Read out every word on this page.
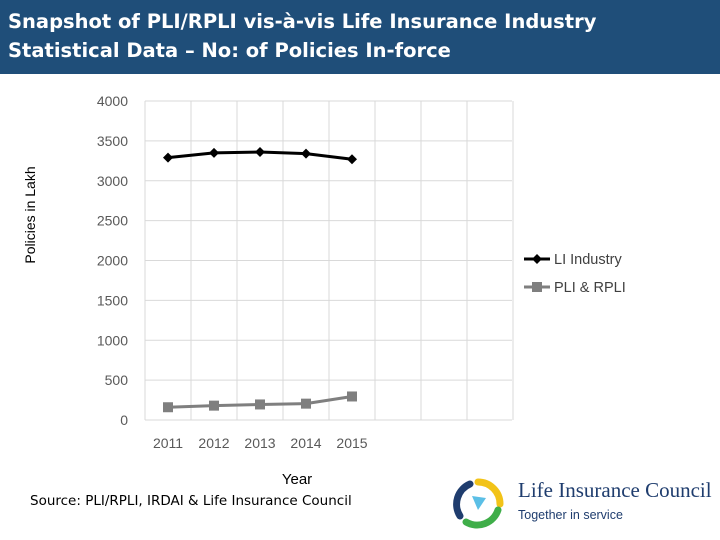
Snapshot of PLI/RPLI vis-à-vis Life Insurance Industry Statistical Data – No: of Policies In-force
0
500
1000
1500
2000
2500
3000
3500
4000
2011 2012 2013 2014 2015
LI Industry
PLI & RPLI
Policies in Lakh
Year
Source: PLI/RPLI, IRDAI & Life Insurance Council	Life Insurance Council
Together in service
